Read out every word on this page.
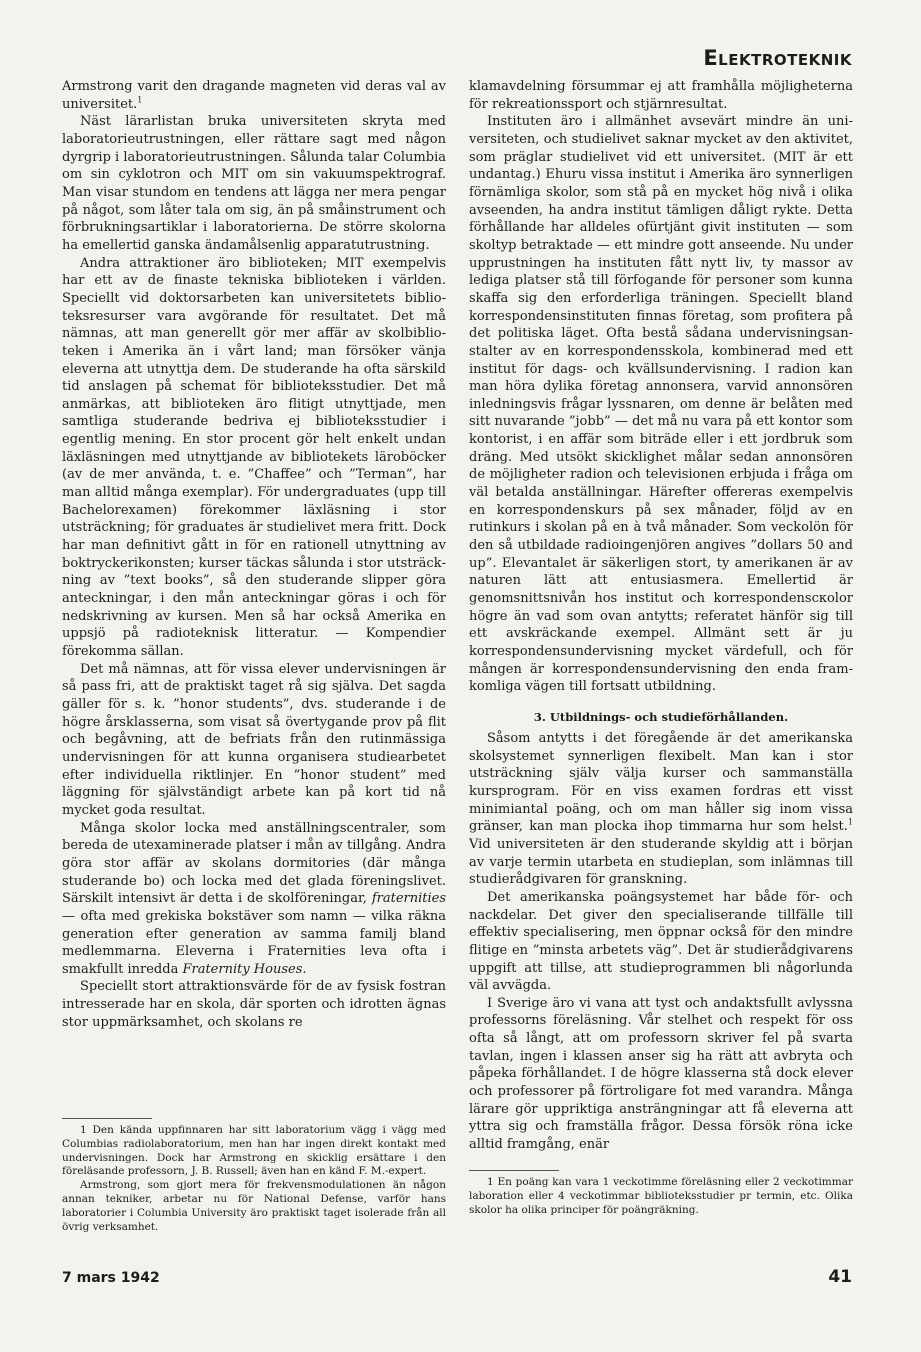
Elektroteknik

Armstrong varit den dragande magneten vid deras val av universitet.$^1$

Näst lärarlistan bruka universiteten skryta med laboratorieutrustningen, eller rättare sagt med någon dyrgrip i laboratorieutrustningen. Sålunda talar Columbia om sin cyklotron och MIT om sin vakuumspektrograf. Man visar stundom en tendens att lägga ner mera pengar på något, som låter tala om sig, än på småinstrument och förbrukningsartiklar i laboratorierna. De större skolorna ha emellertid ganska ändamålsenlig apparatutrustning.

Andra attraktioner äro biblioteken; MIT exempelvis har ett av de finaste tekniska biblioteken i världen. Speciellt vid doktorsarbeten kan universitetets biblioteksresurser vara avgörande för resultatet. Det må nämnas, att man generellt gör mer affär av skolbiblioteken i Amerika än i vårt land; man försöker vänja eleverna att utnyttja dem. De studerande ha ofta särskild tid anslagen på schemat för biblioteksstudier. Det må anmärkas, att biblioteken äro flitigt utnyttjade, men samtliga studerande bedriva ej biblioteksstudier i egentlig mening. En stor procent gör helt enkelt undan läxläsningen med utnyttjande av bibliotekets läroböcker (av de mer använda, t. e. ”Chaffee” och ”Terman”, har man alltid många exemplar). För undergraduates (upp till Bachelorexamen) förekommer läxläsning i stor utsträckning; för graduates är studielivet mera fritt. Dock har man definitivt gått in för en rationell utnyttning av boktryckerikonsten; kurser täckas sålunda i stor utsträckning av ”text books”, så den studerande slipper göra anteckningar, i den mån anteckningar göras i och för nedskrivning av kursen. Men så har också Amerika en uppsjö på radioteknisk litteratur. — Kompendier förekomma sällan.

Det må nämnas, att för vissa elever undervisningen är så pass fri, att de praktiskt taget rå sig själva. Det sagda gäller för s. k. ”honor students”, dvs. studerande i de högre årsklasserna, som visat så övertygande prov på flit och begåvning, att de befriats från den rutinmässiga undervisningen för att kunna organisera studiearbetet efter individuella riktlinjer. En ”honor student” med läggning för självständigt arbete kan på kort tid nå mycket goda resultat.

Många skolor locka med anställningscentraler, som bereda de utexaminerade platser i mån av tillgång. Andra göra stor affär av skolans dormitories (där många studerande bo) och locka med det glada föreningslivet. Särskilt intensivt är detta i de skolföreningar, fraternities — ofta med grekiska bokstäver som namn — vilka räkna generation efter generation av samma familj bland medlemmarna. Eleverna i Fraternities leva ofta i smakfullt inredda Fraternity Houses.

Speciellt stort attraktionsvärde för de av fysisk fostran intresserade har en skola, där sporten och idrotten ägnas stor uppmärksamhet, och skolans re

1 Den kända uppfinnaren har sitt laboratorium vägg i vägg med Columbias radiolaboratorium, men han har ingen direkt kontakt med undervisningen. Dock har Armstrong en skicklig ersättare i den föreläsande professorn, J. B. Russell; även han en känd F. M.-expert.

Armstrong, som gjort mera för frekvensmodulationen än någon annan tekniker, arbetar nu för National Defense, varför hans laboratorier i Columbia University äro praktiskt taget isolerade från all övrig verksamhet.

klamavdelning försummar ej att framhålla möjligheterna för rekreationssport och stjärnresultat.

Instituten äro i allmänhet avsevärt mindre än universiteten, och studielivet saknar mycket av den aktivitet, som präglar studielivet vid ett universitet. (MIT är ett undantag.) Ehuru vissa institut i Amerika äro synnerligen förnämliga skolor, som stå på en mycket hög nivå i olika avseenden, ha andra institut tämligen dåligt rykte. Detta förhållande har alldeles ofürtjänt givit instituten — som skoltyp betraktade — ett mindre gott anseende. Nu under upprustningen ha instituten fått nytt liv, ty massor av lediga platser stå till förfogande för personer som kunna skaffa sig den erforderliga träningen. Speciellt bland korrespondensinstituten finnas företag, som profitera på det politiska läget. Ofta bestå sådana undervisningsanstalter av en korrespondensskola, kombinerad med ett institut för dags- och kvällsundervisning. I radion kan man höra dylika företag annonsera, varvid annonsören inledningsvis frågar lyssnaren, om denne är belåten med sitt nuvarande ”jobb” — det må nu vara på ett kontor som kontorist, i en affär som biträde eller i ett jordbruk som dräng. Med utsökt skicklighet målar sedan annonsören de möjligheter radion och televisionen erbjuda i fråga om väl betalda anställningar. Härefter offereras exempelvis en korrespondenskurs på sex månader, följd av en rutinkurs i skolan på en à två månader. Som veckolön för den så utbildade radioingenjören angives ”dollars 50 and up”. Elevantalet är säkerligen stort, ty amerikanen är av naturen lätt att entusiasmera. Emellertid är genomsnittsnivån hos institut och korrespondensскоlor högre än vad som ovan antytts; referatet hänför sig till ett avskräckande exempel. Allmänt sett är ju korrespondensundervisning mycket värdefull, och för mången är korrespondensundervisning den enda framkomliga vägen till fortsatt utbildning.

3. Utbildnings- och studieförhållanden.

Såsom antytts i det föregående är det amerikanska skolsystemet synnerligen flexibelt. Man kan i stor utsträckning själv välja kurser och sammanställa kursprogram. För en viss examen fordras ett visst minimiantal poäng, och om man håller sig inom vissa gränser, kan man plocka ihop timmarna hur som helst.$^1$ Vid universiteten är den studerande skyldig att i början av varje termin utarbeta en studieplan, som inlämnas till studierådgivaren för granskning.

Det amerikanska poängsystemet har både för- och nackdelar. Det giver den specialiserande tillfälle till effektiv specialisering, men öppnar också för den mindre flitige en ”minsta arbetets väg”. Det är studierådgivarens uppgift att tillse, att studieprogrammen bli någorlunda väl avvägda.

I Sverige äro vi vana att tyst och andaktsfullt avlyssna professorns föreläsning. Vår stelhet och respekt för oss ofta så långt, att om professorn skriver fel på svarta tavlan, ingen i klassen anser sig ha rätt att avbryta och påpeka förhållandet. I de högre klasserna stå dock elever och professorer på förtroligare fot med varandra. Många lärare gör uppriktiga ansträngningar att få eleverna att yttra sig och framställa frågor. Dessa försök röna icke alltid framgång, enär

1 En poäng kan vara 1 veckotimme föreläsning eller 2 veckotimmar laboration eller 4 veckotimmar biblioteksstudier pr termin, etc. Olika skolor ha olika principer för poängräkning.

7 mars 1942	41
